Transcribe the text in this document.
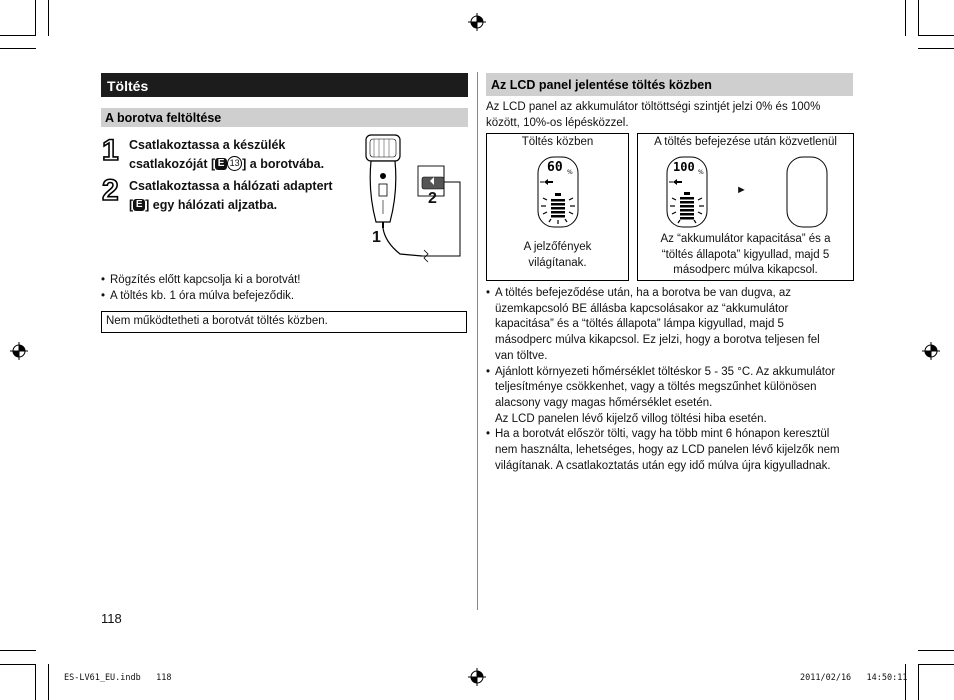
Töltés
A borotva feltöltése
1 Csatlakoztassa a készülék
csatlakozóját [ E 13 ] a borotvába.
2 Csatlakoztassa a hálózati adaptert
[ E ] egy hálózati aljzatba.	2
1
• Rögzítés előtt kapcsolja ki a borotvát!
• A töltés kb. 1 óra múlva befejeződik.
Nem működtetheti a borotvát töltés közben.
118
Az LCD panel jelentése töltés közben
Az LCD panel az akkumulátor töltöttségi szintjét jelzi 0% és 100%
között, 10%-os lépésközzel.
Töltés közben
60 %
A jelzőfények
világítanak.
A töltés befejezése után közvetlenül
100 %
►
Az “akkumulátor kapacitása” és a
“töltés állapota” kigyullad, majd 5
másodperc múlva kikapcsol.
• A töltés befejeződése után, ha a borotva be van dugva, az
üzemkapcsoló BE állásba kapcsolásakor az “akkumulátor
kapacitása” és a “töltés állapota” lámpa kigyullad, majd 5
másodperc múlva kikapcsol. Ez jelzi, hogy a borotva teljesen fel
van töltve.
• Ajánlott környezeti hőmérséklet töltéskor 5 - 35 °C. Az akkumulátor
teljesítménye csökkenhet, vagy a töltés megszűnhet különösen
alacsony vagy magas hőmérséklet esetén.
Az LCD panelen lévő kijelző villog töltési hiba esetén.
• Ha a borotvát először tölti, vagy ha több mint 6 hónapon keresztül
nem használta, lehetséges, hogy az LCD panelen lévő kijelzők nem
világítanak. A csatlakoztatás után egy idő múlva újra kigyulladnak.
ES-LV61_EU.indb 118	2011/02/16 14:50:11
